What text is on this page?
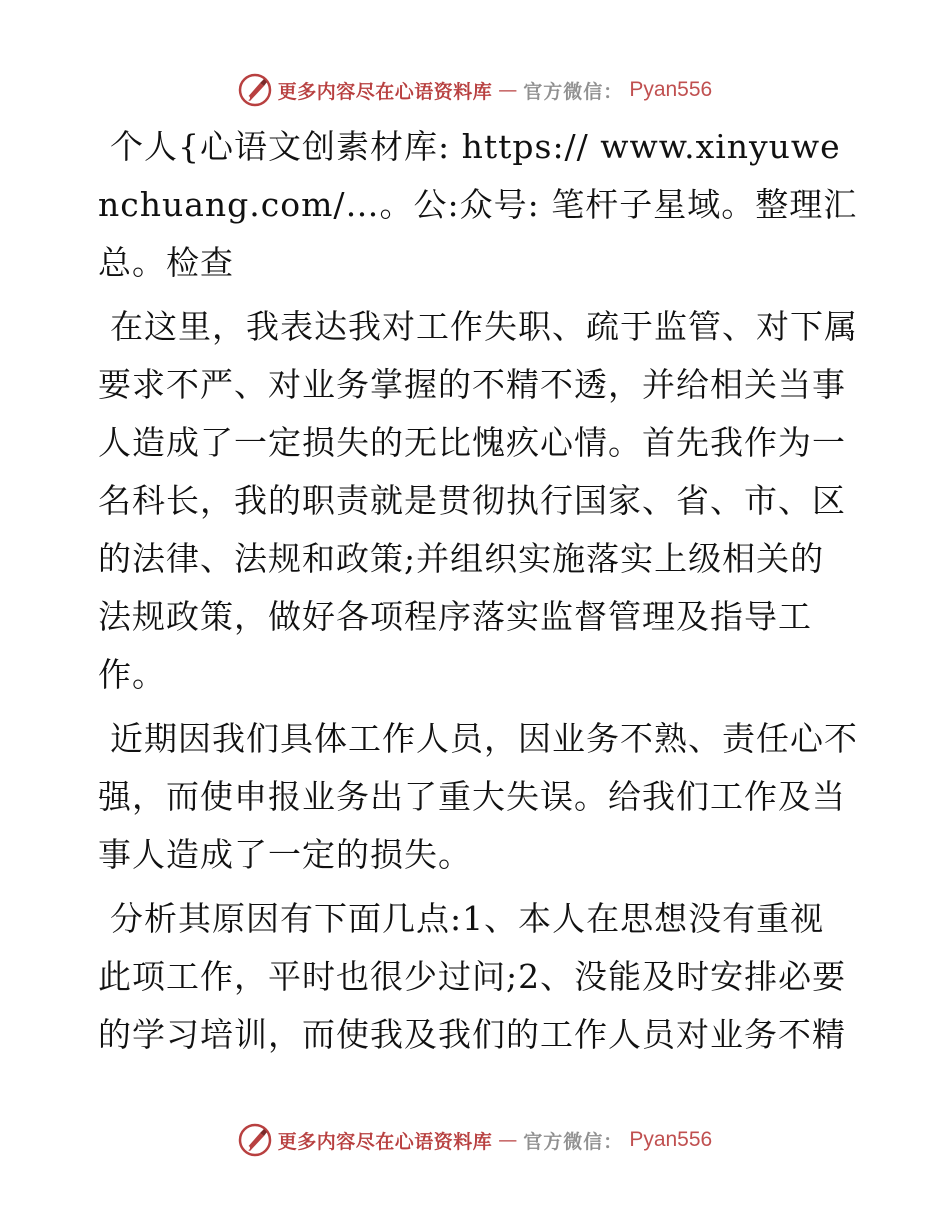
更多内容尽在心语资料库 — 官方微信： Pyan556

个人{心语文创素材库: https:// www.xinyuwenchuang.com/…。公:众号: 笔杆子星域。整理汇总。检查

在这里，我表达我对工作失职、疏于监管、对下属要求不严、对业务掌握的不精不透，并给相关当事人造成了一定损失的无比愧疚心情。首先我作为一名科长，我的职责就是贯彻执行国家、省、市、区的法律、法规和政策;并组织实施落实上级相关的法规政策，做好各项程序落实监督管理及指导工作。

近期因我们具体工作人员，因业务不熟、责任心不强，而使申报业务出了重大失误。给我们工作及当事人造成了一定的损失。

分析其原因有下面几点:1、本人在思想没有重视此项工作，平时也很少过问;2、没能及时安排必要的学习培训，而使我及我们的工作人员对业务不精

更多内容尽在心语资料库 — 官方微信： Pyan556
